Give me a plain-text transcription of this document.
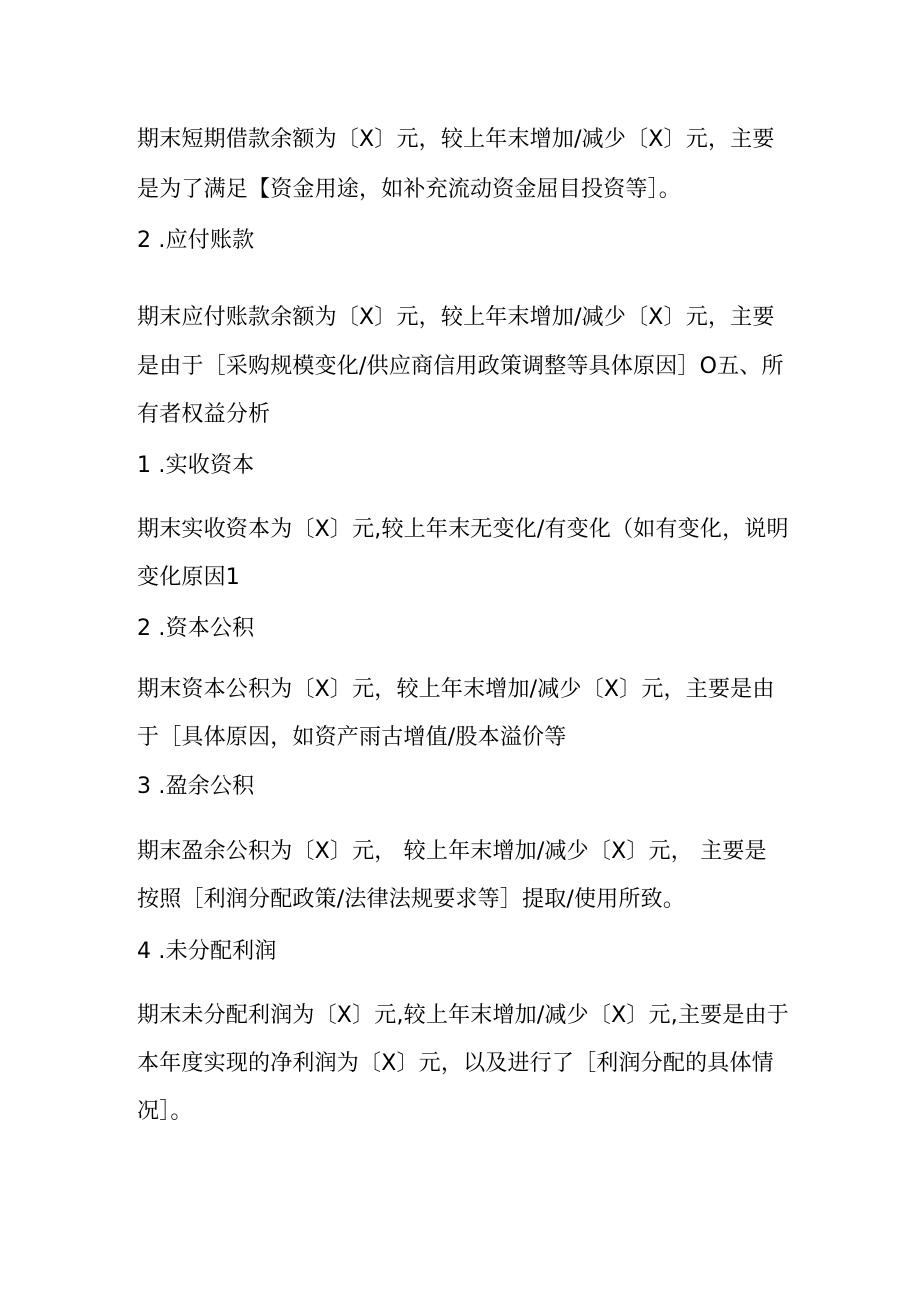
期末短期借款余额为〔X〕元，较上年末增加/减少〔X〕元，主要
是为了满足【资金用途，如补充流动资金屈目投资等］。
2 .应付账款
期末应付账款余额为〔X〕元，较上年末增加/减少〔X〕元，主要
是由于［采购规模变化/供应商信用政策调整等具体原因］O五、所
有者权益分析
1 .实收资本
期末实收资本为〔X〕元,较上年末无变化/有变化（如有变化，说明
变化原因1
2 .资本公积
期末资本公积为〔X〕元，较上年末增加/减少〔X〕元，主要是由
于［具体原因，如资产雨古增值/股本溢价等
3 .盈余公积
期末盈余公积为〔X〕元， 较上年末增加/减少〔X〕元， 主要是
按照［利润分配政策/法律法规要求等］提取/使用所致。
4 .未分配利润
期末未分配利润为〔X〕元,较上年末增加/减少〔X〕元,主要是由于
本年度实现的净利润为〔X〕元，以及进行了［利润分配的具体情
况］。
